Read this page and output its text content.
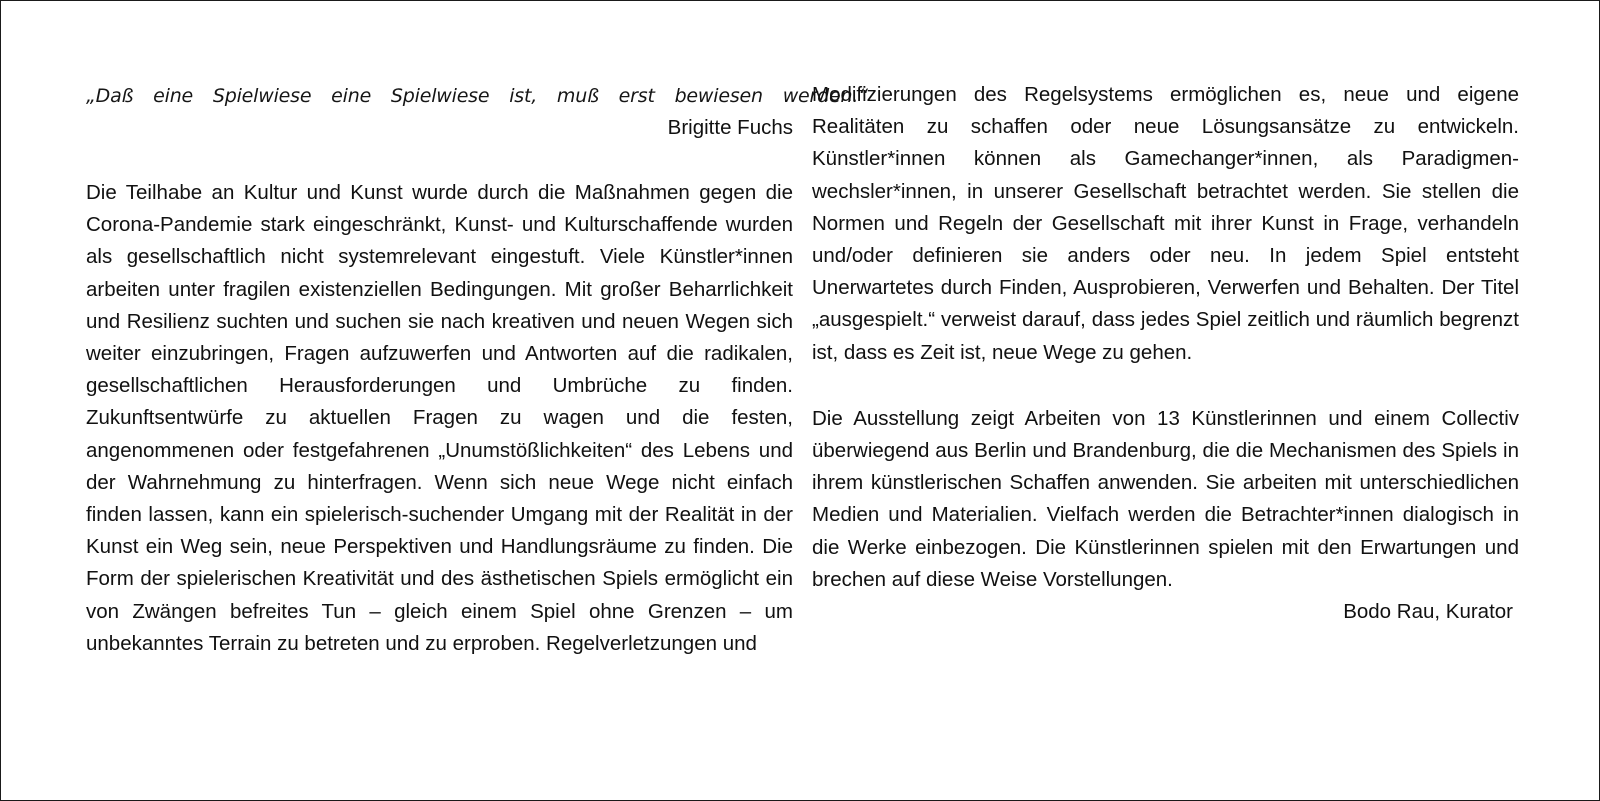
„Daß eine Spielwiese eine Spielwiese ist, muß erst bewiesen werden.“

Brigitte Fuchs

Die Teilhabe an Kultur und Kunst wurde durch die Maßnahmen gegen die Corona-Pandemie stark eingeschränkt, Kunst- und Kulturschaffende wurden als gesellschaftlich nicht systemrelevant eingestuft. Viele Künstler*innen arbeiten unter fragilen existenziellen Bedingungen. Mit großer Beharrlichkeit und Resilienz suchten und suchen sie nach kreativen und neuen Wegen sich weiter einzubringen, Fragen aufzuwerfen und Antworten auf die radikalen, gesellschaftlichen Herausforderungen und Umbrüche zu finden. Zukunftsentwürfe zu aktuellen Fragen zu wagen und die festen, angenommenen oder festgefahrenen „Unumstößlichkeiten“ des Lebens und der Wahrnehmung zu hinterfragen. Wenn sich neue Wege nicht einfach finden lassen, kann ein spielerisch-suchender Umgang mit der Realität in der Kunst ein Weg sein, neue Perspektiven und Handlungsräume zu finden. Die Form der spielerischen Kreativität und des ästhetischen Spiels ermöglicht ein von Zwängen befreites Tun – gleich einem Spiel ohne Grenzen – um unbekanntes Terrain zu betreten und zu erproben. Regelverletzungen und

Modifizierungen des Regelsystems ermöglichen es, neue und eigene Realitäten zu schaffen oder neue Lösungsansätze zu entwickeln. Künstler*innen können als Gamechanger*innen, als Paradigmenwechsler*innen, in unserer Gesellschaft betrachtet werden. Sie stellen die Normen und Regeln der Gesellschaft mit ihrer Kunst in Frage, verhandeln und/oder definieren sie anders oder neu. In jedem Spiel entsteht Unerwartetes durch Finden, Ausprobieren, Verwerfen und Behalten. Der Titel „ausgespielt.“ verweist darauf, dass jedes Spiel zeitlich und räumlich begrenzt ist, dass es Zeit ist, neue Wege zu gehen.

Die Ausstellung zeigt Arbeiten von 13 Künstlerinnen und einem Collectiv überwiegend aus Berlin und Brandenburg, die die Mechanismen des Spiels in ihrem künstlerischen Schaffen anwenden. Sie arbeiten mit unterschiedlichen Medien und Materialien. Vielfach werden die Betrachter*innen dialogisch in die Werke einbezogen. Die Künstlerinnen spielen mit den Erwartungen und brechen auf diese Weise Vorstellungen.

Bodo Rau, Kurator
